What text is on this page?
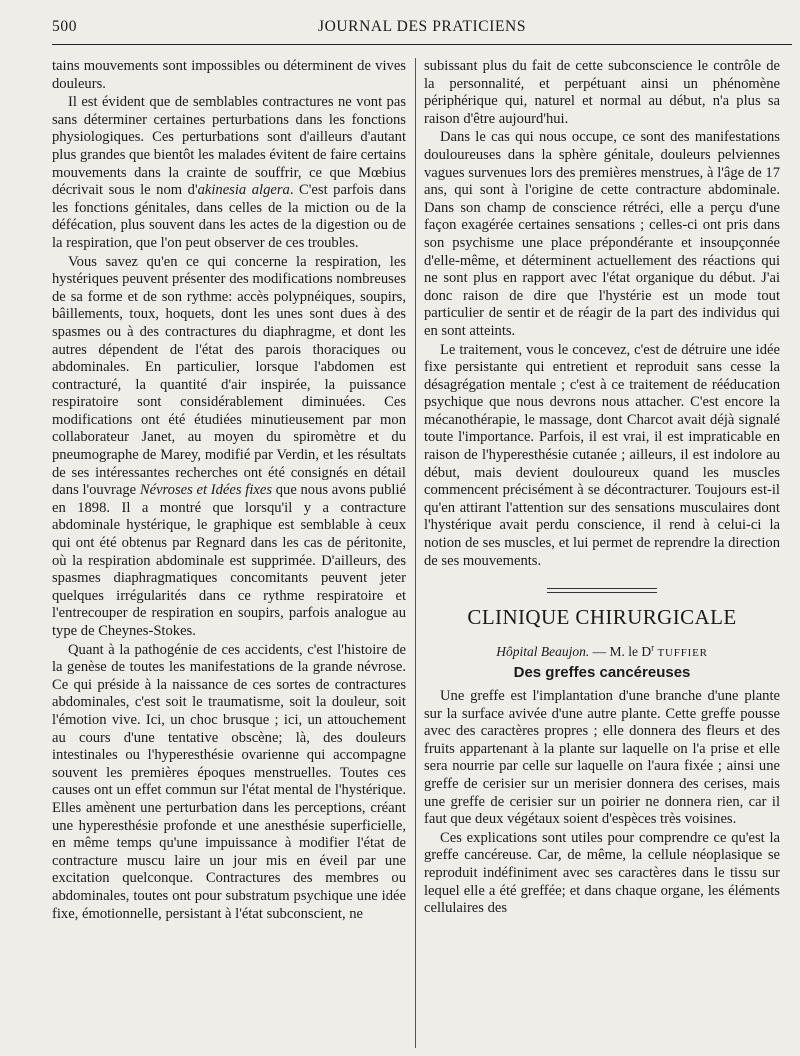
500	JOURNAL DES PRATICIENS

tains mouvements sont impossibles ou déterminent de vives douleurs.

Il est évident que de semblables contractures ne vont pas sans déterminer certaines perturbations dans les fonctions physiologiques. Ces perturbations sont d'ailleurs d'autant plus grandes que bientôt les malades évitent de faire certains mouvements dans la crainte de souffrir, ce que Mœbius décrivait sous le nom d'akinesia algera. C'est parfois dans les fonctions génitales, dans celles de la miction ou de la défécation, plus souvent dans les actes de la digestion ou de la respiration, que l'on peut observer de ces troubles.

Vous savez qu'en ce qui concerne la respiration, les hystériques peuvent présenter des modifications nombreuses de sa forme et de son rythme: accès polypnéiques, soupirs, bâillements, toux, hoquets, dont les unes sont dues à des spasmes ou à des contractures du diaphragme, et dont les autres dépendent de l'état des parois thoraciques ou abdominales. En particulier, lorsque l'abdomen est contracturé, la quantité d'air inspirée, la puissance respiratoire sont considérablement diminuées. Ces modifications ont été étudiées minutieusement par mon collaborateur Janet, au moyen du spiromètre et du pneumographe de Marey, modifié par Verdin, et les résultats de ses intéressantes recherches ont été consignés en détail dans l'ouvrage Névroses et Idées fixes que nous avons publié en 1898. Il a montré que lorsqu'il y a contracture abdominale hystérique, le graphique est semblable à ceux qui ont été obtenus par Regnard dans les cas de péritonite, où la respiration abdominale est supprimée. D'ailleurs, des spasmes diaphragmatiques concomitants peuvent jeter quelques irrégularités dans ce rythme respiratoire et l'entrecouper de respiration en soupirs, parfois analogue au type de Cheynes-Stokes.

Quant à la pathogénie de ces accidents, c'est l'histoire de la genèse de toutes les manifestations de la grande névrose. Ce qui préside à la naissance de ces sortes de contractures abdominales, c'est soit le traumatisme, soit la douleur, soit l'émotion vive. Ici, un choc brusque ; ici, un attouchement au cours d'une tentative obscène; là, des douleurs intestinales ou l'hyperesthésie ovarienne qui accompagne souvent les premières époques menstruelles. Toutes ces causes ont un effet commun sur l'état mental de l'hystérique. Elles amènent une perturbation dans les perceptions, créant une hyperesthésie profonde et une anesthésie superficielle, en même temps qu'une impuissance à modifier l'état de contracture muscu laire un jour mis en éveil par une excitation quelconque. Contractures des membres ou abdominales, toutes ont pour substratum psychique une idée fixe, émotionnelle, persistant à l'état subconscient, ne

subissant plus du fait de cette subconscience le contrôle de la personnalité, et perpétuant ainsi un phénomène périphérique qui, naturel et normal au début, n'a plus sa raison d'être aujourd'hui.

Dans le cas qui nous occupe, ce sont des manifestations douloureuses dans la sphère génitale, douleurs pelviennes vagues survenues lors des premières menstrues, à l'âge de 17 ans, qui sont à l'origine de cette contracture abdominale. Dans son champ de conscience rétréci, elle a perçu d'une façon exagérée certaines sensations ; celles-ci ont pris dans son psychisme une place prépondérante et insoupçonnée d'elle-même, et déterminent actuellement des réactions qui ne sont plus en rapport avec l'état organique du début. J'ai donc raison de dire que l'hystérie est un mode tout particulier de sentir et de réagir de la part des individus qui en sont atteints.

Le traitement, vous le concevez, c'est de détruire une idée fixe persistante qui entretient et reproduit sans cesse la désagrégation mentale ; c'est à ce traitement de rééducation psychique que nous devrons nous attacher. C'est encore la mécanothérapie, le massage, dont Charcot avait déjà signalé toute l'importance. Parfois, il est vrai, il est impraticable en raison de l'hyperesthésie cutanée ; ailleurs, il est indolore au début, mais devient douloureux quand les muscles commencent précisément à se décontracturer. Toujours est-il qu'en attirant l'attention sur des sensations musculaires dont l'hystérique avait perdu conscience, il rend à celui-ci la notion de ses muscles, et lui permet de reprendre la direction de ses mouvements.

CLINIQUE CHIRURGICALE
Hôpital Beaujon. — M. le $D^r$ TUFFIER
Des greffes cancéreuses

Une greffe est l'implantation d'une branche d'une plante sur la surface avivée d'une autre plante. Cette greffe pousse avec des caractères propres ; elle donnera des fleurs et des fruits appartenant à la plante sur laquelle on l'a prise et elle sera nourrie par celle sur laquelle on l'aura fixée ; ainsi une greffe de cerisier sur un merisier donnera des cerises, mais une greffe de cerisier sur un poirier ne donnera rien, car il faut que deux végétaux soient d'espèces très voisines.

Ces explications sont utiles pour comprendre ce qu'est la greffe cancéreuse. Car, de même, la cellule néoplasique se reproduit indéfiniment avec ses caractères dans le tissu sur lequel elle a été greffée; et dans chaque organe, les éléments cellulaires des
